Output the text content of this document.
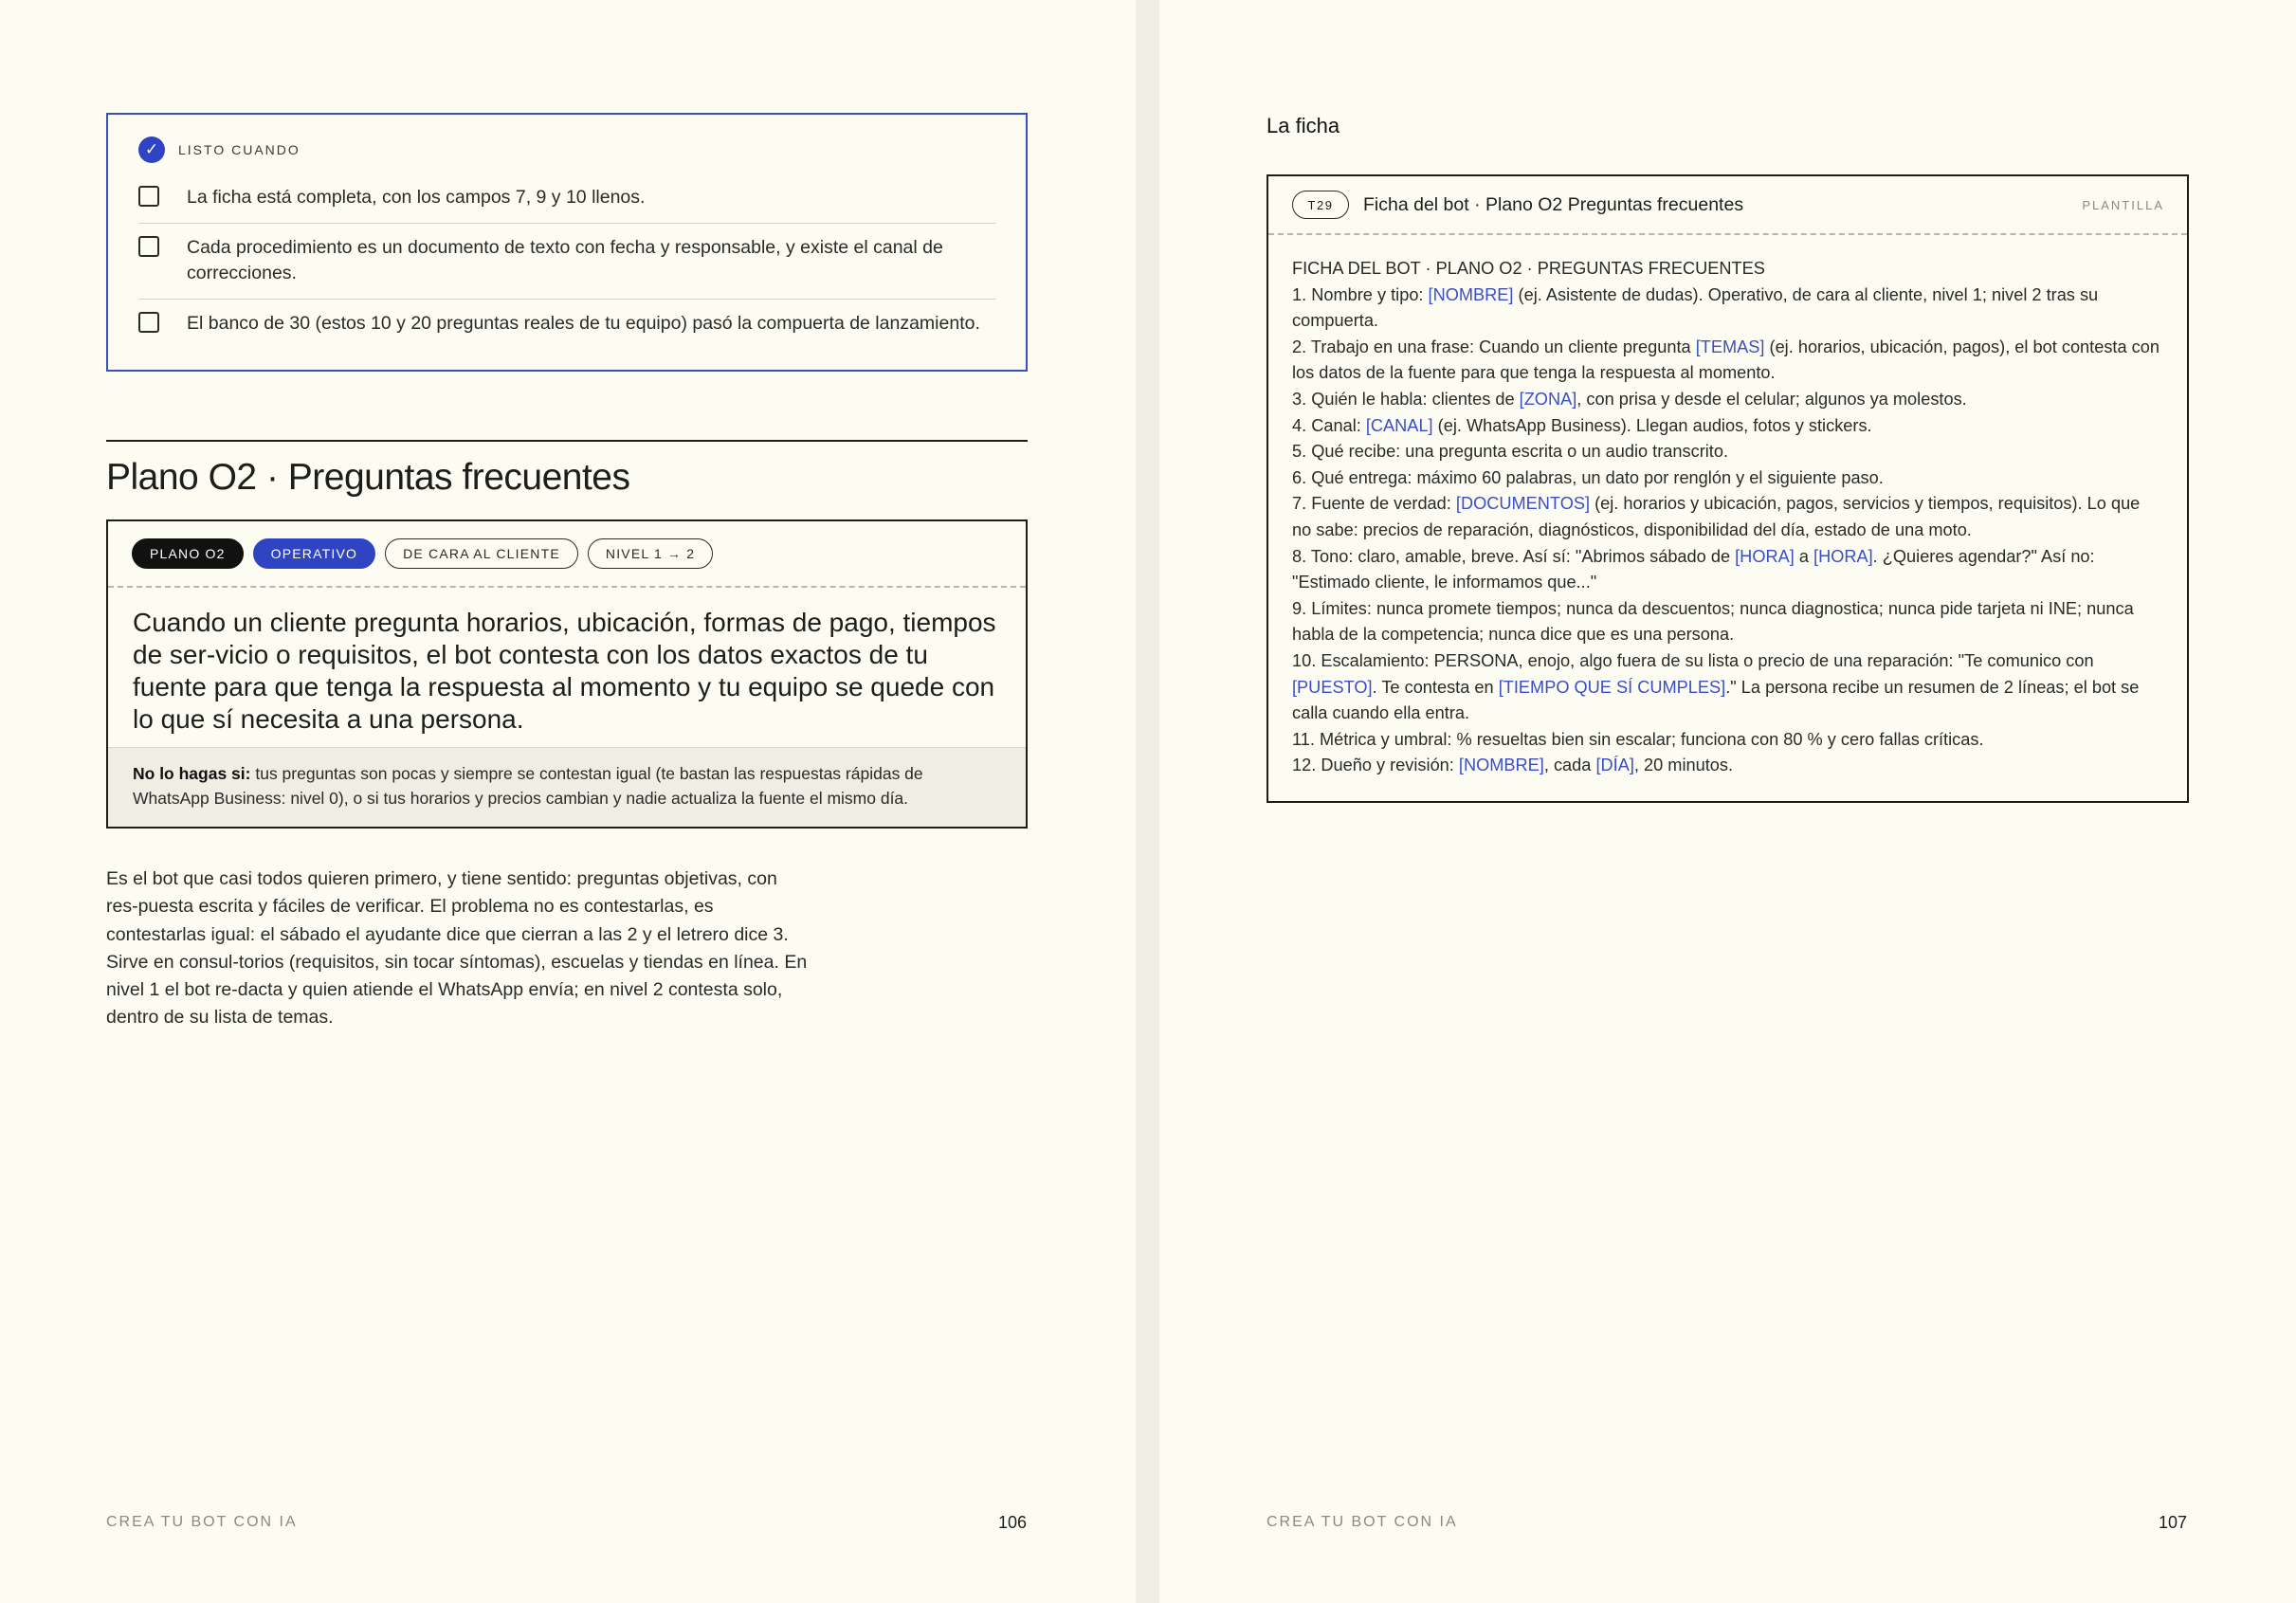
✓	LISTO CUANDO
La ficha está completa, con los campos 7, 9 y 10 llenos.
Cada procedimiento es un documento de texto con fecha y responsable, y existe el canal de correcciones.
El banco de 30 (estos 10 y 20 preguntas reales de tu equipo) pasó la compuerta de lanzamiento.
Plano O2 · Preguntas frecuentes
PLANO O2	OPERATIVO	DE CARA AL CLIENTE	NIVEL 1 → 2
Cuando un cliente pregunta horarios, ubicación, formas de pago, tiempos de ser-vicio o requisitos, el bot contesta con los datos exactos de tu fuente para que tenga la respuesta al momento y tu equipo se quede con lo que sí necesita a una persona.
No lo hagas si: tus preguntas son pocas y siempre se contestan igual (te bastan las respuestas rápidas de WhatsApp Business: nivel 0), o si tus horarios y precios cambian y nadie actualiza la fuente el mismo día.
Es el bot que casi todos quieren primero, y tiene sentido: preguntas objetivas, con res-puesta escrita y fáciles de verificar. El problema no es contestarlas, es contestarlas igual: el sábado el ayudante dice que cierran a las 2 y el letrero dice 3. Sirve en consul-torios (requisitos, sin tocar síntomas), escuelas y tiendas en línea. En nivel 1 el bot re-dacta y quien atiende el WhatsApp envía; en nivel 2 contesta solo, dentro de su lista de temas.
CREA TU BOT CON IA	106
La ficha
T29	Ficha del bot · Plano O2 Preguntas frecuentes	PLANTILLA
FICHA DEL BOT · PLANO O2 · PREGUNTAS FRECUENTES
1. Nombre y tipo: [NOMBRE] (ej. Asistente de dudas). Operativo, de cara al cliente, nivel 1; nivel 2 tras su compuerta.
2. Trabajo en una frase: Cuando un cliente pregunta [TEMAS] (ej. horarios, ubicación, pagos), el bot contesta con los datos de la fuente para que tenga la respuesta al momento.
3. Quién le habla: clientes de [ZONA], con prisa y desde el celular; algunos ya molestos.
4. Canal: [CANAL] (ej. WhatsApp Business). Llegan audios, fotos y stickers.
5. Qué recibe: una pregunta escrita o un audio transcrito.
6. Qué entrega: máximo 60 palabras, un dato por renglón y el siguiente paso.
7. Fuente de verdad: [DOCUMENTOS] (ej. horarios y ubicación, pagos, servicios y tiempos, requisitos). Lo que no sabe: precios de reparación, diagnósticos, disponibilidad del día, estado de una moto.
8. Tono: claro, amable, breve. Así sí: "Abrimos sábado de [HORA] a [HORA]. ¿Quieres agendar?" Así no: "Estimado cliente, le informamos que..."
9. Límites: nunca promete tiempos; nunca da descuentos; nunca diagnostica; nunca pide tarjeta ni INE; nunca habla de la competencia; nunca dice que es una persona.
10. Escalamiento: PERSONA, enojo, algo fuera de su lista o precio de una reparación: "Te comunico con [PUESTO]. Te contesta en [TIEMPO QUE SÍ CUMPLES]." La persona recibe un resumen de 2 líneas; el bot se calla cuando ella entra.
11. Métrica y umbral: % resueltas bien sin escalar; funciona con 80 % y cero fallas críticas.
12. Dueño y revisión: [NOMBRE], cada [DÍA], 20 minutos.
CREA TU BOT CON IA	107
